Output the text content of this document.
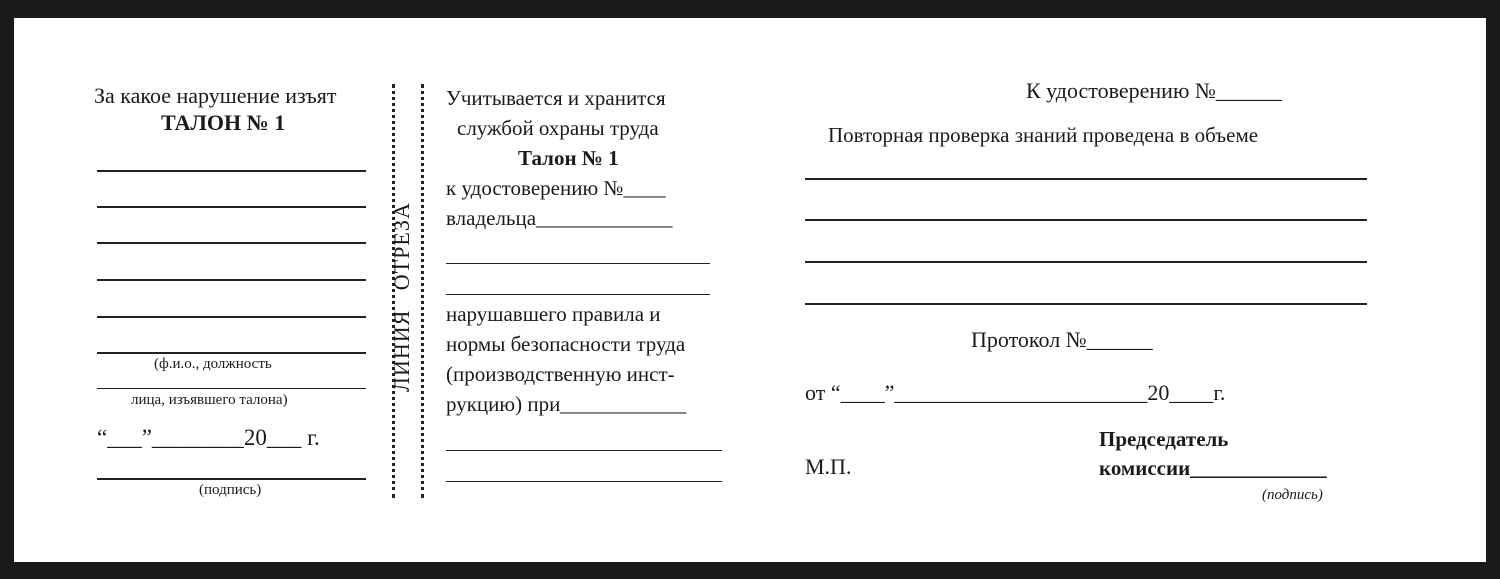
За какое нарушение изъят
ТАЛОН № 1
(ф.и.о., должность
лица, изъявшего талона)
“___”________20___ г.
(подпись)
ЛИНИЯ   ОТРЕЗА
Учитывается и хранится
службой охраны труда
Талон № 1
к удостоверению №____
владельца_____________
нарушавшего правила и
нормы безопасности труда
(производственную инст-
рукцию) при____________
К удостоверению №______
Повторная проверка знаний проведена в объеме
Протокол №______
от “____”_______________________20____г.
Председатель
М.П.	комиссии_____________
(подпись)
